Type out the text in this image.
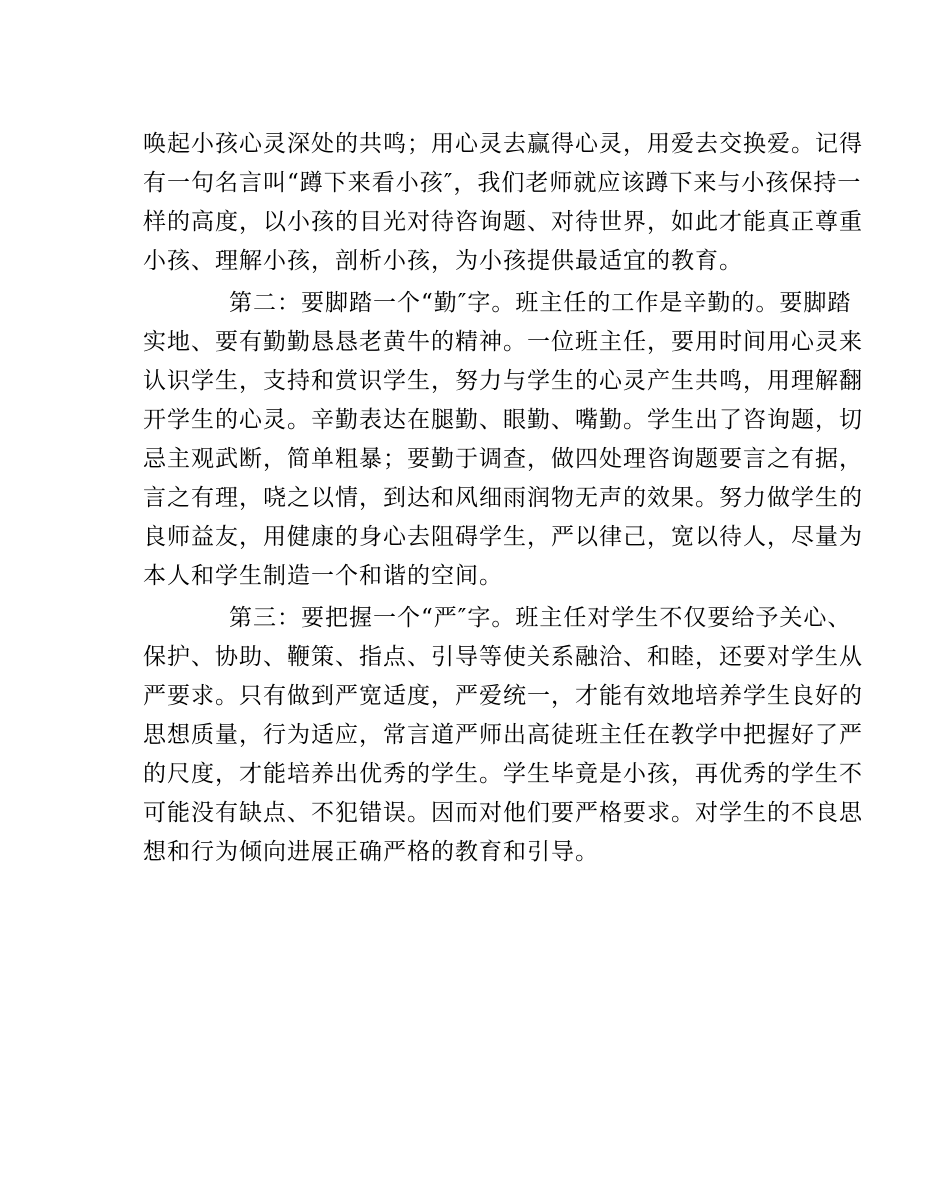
唤起小孩心灵深处的共鸣；用心灵去赢得心灵，用爱去交换爱。记得
有一句名言叫“蹲下来看小孩″，我们老师就应该蹲下来与小孩保持一
样的高度，以小孩的目光对待咨询题、对待世界，如此才能真正尊重
小孩、理解小孩，剖析小孩，为小孩提供最适宜的教育。
第二：要脚踏一个“勤″字。班主任的工作是辛勤的。要脚踏
实地、要有勤勤恳恳老黄牛的精神。一位班主任，要用时间用心灵来
认识学生，支持和赏识学生，努力与学生的心灵产生共鸣，用理解翻
开学生的心灵。辛勤表达在腿勤、眼勤、嘴勤。学生出了咨询题，切
忌主观武断，简单粗暴；要勤于调查，做四处理咨询题要言之有据，
言之有理，哓之以情，到达和风细雨润物无声的效果。努力做学生的
良师益友，用健康的身心去阻碍学生，严以律己，宽以待人，尽量为
本人和学生制造一个和谐的空间。
第三：要把握一个“严″字。班主任对学生不仅要给予关心、
保护、协助、鞭策、指点、引导等使关系融洽、和睦，还要对学生从
严要求。只有做到严宽适度，严爱统一，才能有效地培养学生良好的
思想质量，行为适应，常言道严师出高徒班主任在教学中把握好了严
的尺度，才能培养出优秀的学生。学生毕竟是小孩，再优秀的学生不
可能没有缺点、不犯错误。因而对他们要严格要求。对学生的不良思
想和行为倾向进展正确严格的教育和引导。
